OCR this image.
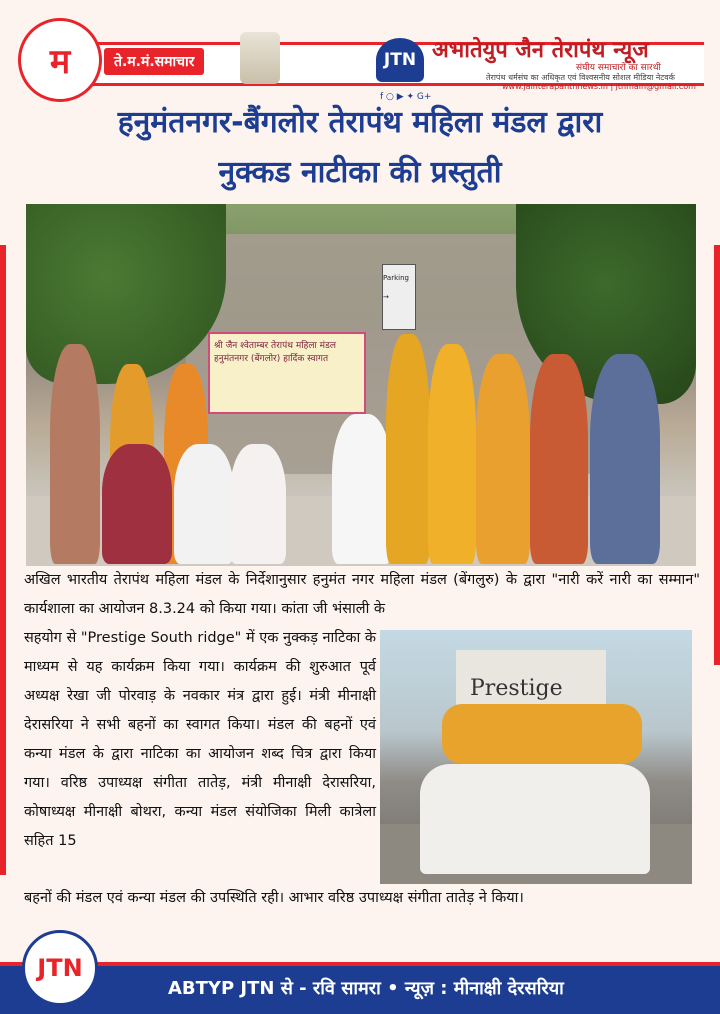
म	ते.म.मं.समाचार	JTN अभातेयुप जैन तेरापंथ न्यूज
संघीय समाचारों का सारथी
तेरापंथ धर्मसंघ का अधिकृत एवं विश्वसनीय सोशल मीडिया नेटवर्क
www.jainterapanthnews.in | jtnmain@gmail.com
f ○ ▶ ✦ G+
हनुमंतनगर-बैंगलोर तेरापंथ महिला मंडल द्वारा
नुक्कड नाटीका की प्रस्तुती
Parking →
श्री जैन श्वेताम्बर तेरापंथ महिला मंडल हनुमंतनगर (बेंगलोर) हार्दिक स्वागत
अखिल भारतीय तेरापंथ महिला मंडल के निर्देशानुसार हनुमंत नगर महिला मंडल (बेंगलुरु) के द्वारा "नारी करें नारी का सम्मान" कार्यशाला का आयोजन 8.3.24 को किया गया। कांता जी भंसाली के
सहयोग से "Prestige South ridge" में एक नुक्कड़ नाटिका के माध्यम से यह कार्यक्रम किया गया। कार्यक्रम की शुरुआत पूर्व अध्यक्ष रेखा जी पोरवाड़ के नवकार मंत्र द्वारा हुई। मंत्री मीनाक्षी देरासरिया ने सभी बहनों का स्वागत किया। मंडल की बहनों एवं कन्या मंडल के द्वारा नाटिका का आयोजन शब्द चित्र द्वारा किया गया। वरिष्ठ उपाध्यक्ष संगीता तातेड़, मंत्री मीनाक्षी देरासरिया, कोषाध्यक्ष मीनाक्षी बोथरा, कन्या मंडल संयोजिका मिली कात्रेला सहित 15
Prestige
बहनों की मंडल एवं कन्या मंडल की उपस्थिति रही। आभार वरिष्ठ उपाध्यक्ष संगीता तातेड़ ने किया।
JTN
ABTYP JTN से - रवि सामरा • न्यूज़ : मीनाक्षी देरसरिया
